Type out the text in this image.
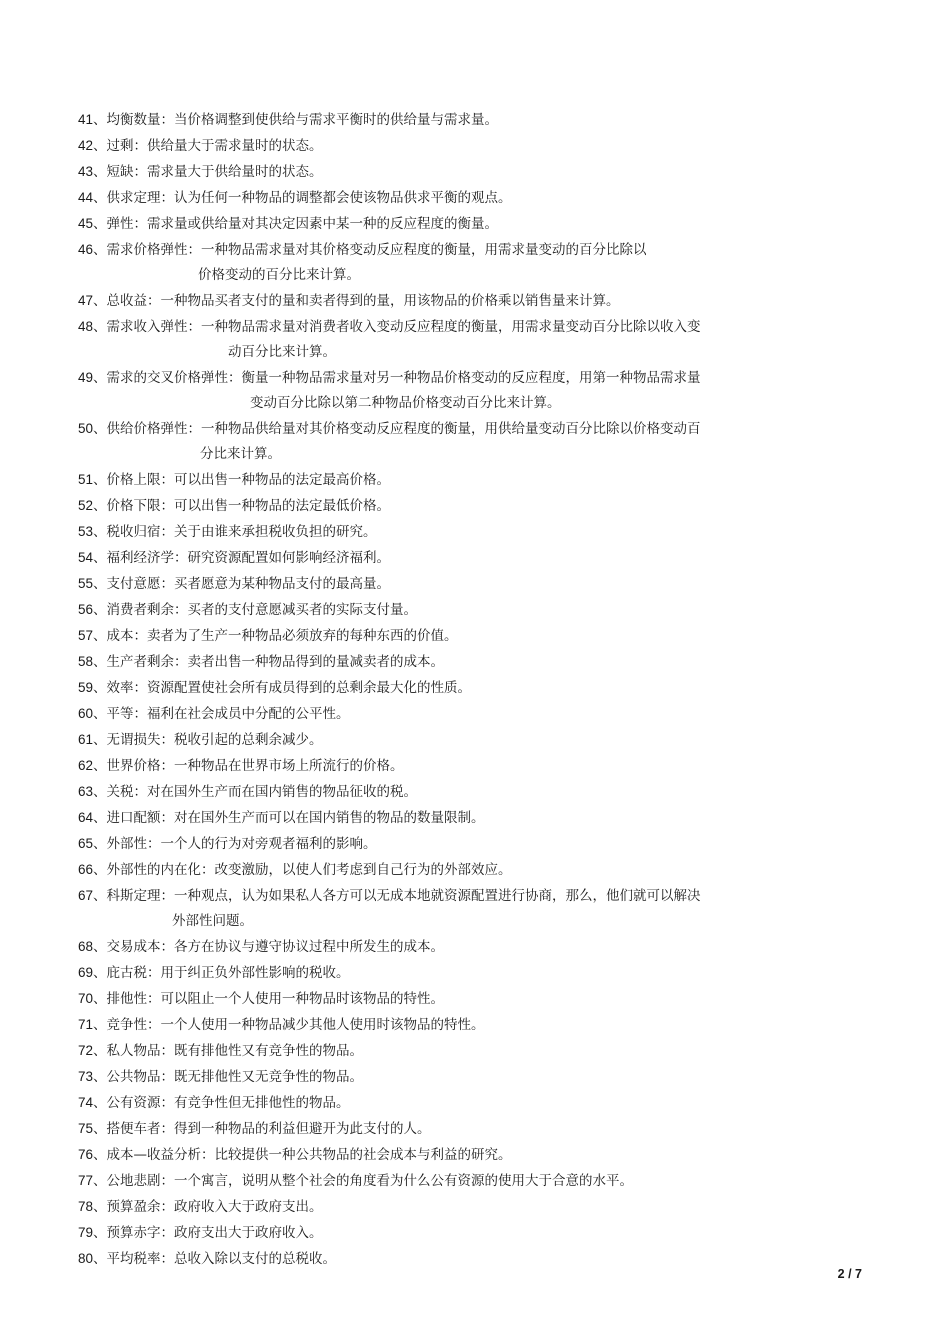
41、均衡数量：当价格调整到使供给与需求平衡时的供给量与需求量。
42、过剩：供给量大于需求量时的状态。
43、短缺：需求量大于供给量时的状态。
44、供求定理：认为任何一种物品的调整都会使该物品供求平衡的观点。
45、弹性：需求量或供给量对其决定因素中某一种的反应程度的衡量。
46、需求价格弹性：一种物品需求量对其价格变动反应程度的衡量，用需求量变动的百分比除以
价格变动的百分比来计算。
47、总收益：一种物品买者支付的量和卖者得到的量，用该物品的价格乘以销售量来计算。
48、需求收入弹性：一种物品需求量对消费者收入变动反应程度的衡量，用需求量变动百分比除以收入变
动百分比来计算。
49、需求的交叉价格弹性：衡量一种物品需求量对另一种物品价格变动的反应程度，用第一种物品需求量
变动百分比除以第二种物品价格变动百分比来计算。
50、供给价格弹性：一种物品供给量对其价格变动反应程度的衡量，用供给量变动百分比除以价格变动百
分比来计算。
51、价格上限：可以出售一种物品的法定最高价格。
52、价格下限：可以出售一种物品的法定最低价格。
53、税收归宿：关于由谁来承担税收负担的研究。
54、福利经济学：研究资源配置如何影响经济福利。
55、支付意愿：买者愿意为某种物品支付的最高量。
56、消费者剩余：买者的支付意愿减买者的实际支付量。
57、成本：卖者为了生产一种物品必须放弃的每种东西的价值。
58、生产者剩余：卖者出售一种物品得到的量减卖者的成本。
59、效率：资源配置使社会所有成员得到的总剩余最大化的性质。
60、平等：福利在社会成员中分配的公平性。
61、无谓损失：税收引起的总剩余减少。
62、世界价格：一种物品在世界市场上所流行的价格。
63、关税：对在国外生产而在国内销售的物品征收的税。
64、进口配额：对在国外生产而可以在国内销售的物品的数量限制。
65、外部性：一个人的行为对旁观者福利的影响。
66、外部性的内在化：改变激励，以使人们考虑到自己行为的外部效应。
67、科斯定理：一种观点，认为如果私人各方可以无成本地就资源配置进行协商，那么，他们就可以解决
外部性问题。
68、交易成本：各方在协议与遵守协议过程中所发生的成本。
69、庇古税：用于纠正负外部性影响的税收。
70、排他性：可以阻止一个人使用一种物品时该物品的特性。
71、竞争性：一个人使用一种物品减少其他人使用时该物品的特性。
72、私人物品：既有排他性又有竞争性的物品。
73、公共物品：既无排他性又无竞争性的物品。
74、公有资源：有竞争性但无排他性的物品。
75、搭便车者：得到一种物品的利益但避开为此支付的人。
76、成本—收益分析：比较提供一种公共物品的社会成本与利益的研究。
77、公地悲剧：一个寓言，说明从整个社会的角度看为什么公有资源的使用大于合意的水平。
78、预算盈余：政府收入大于政府支出。
79、预算赤字：政府支出大于政府收入。
80、平均税率：总收入除以支付的总税收。
2 / 7
